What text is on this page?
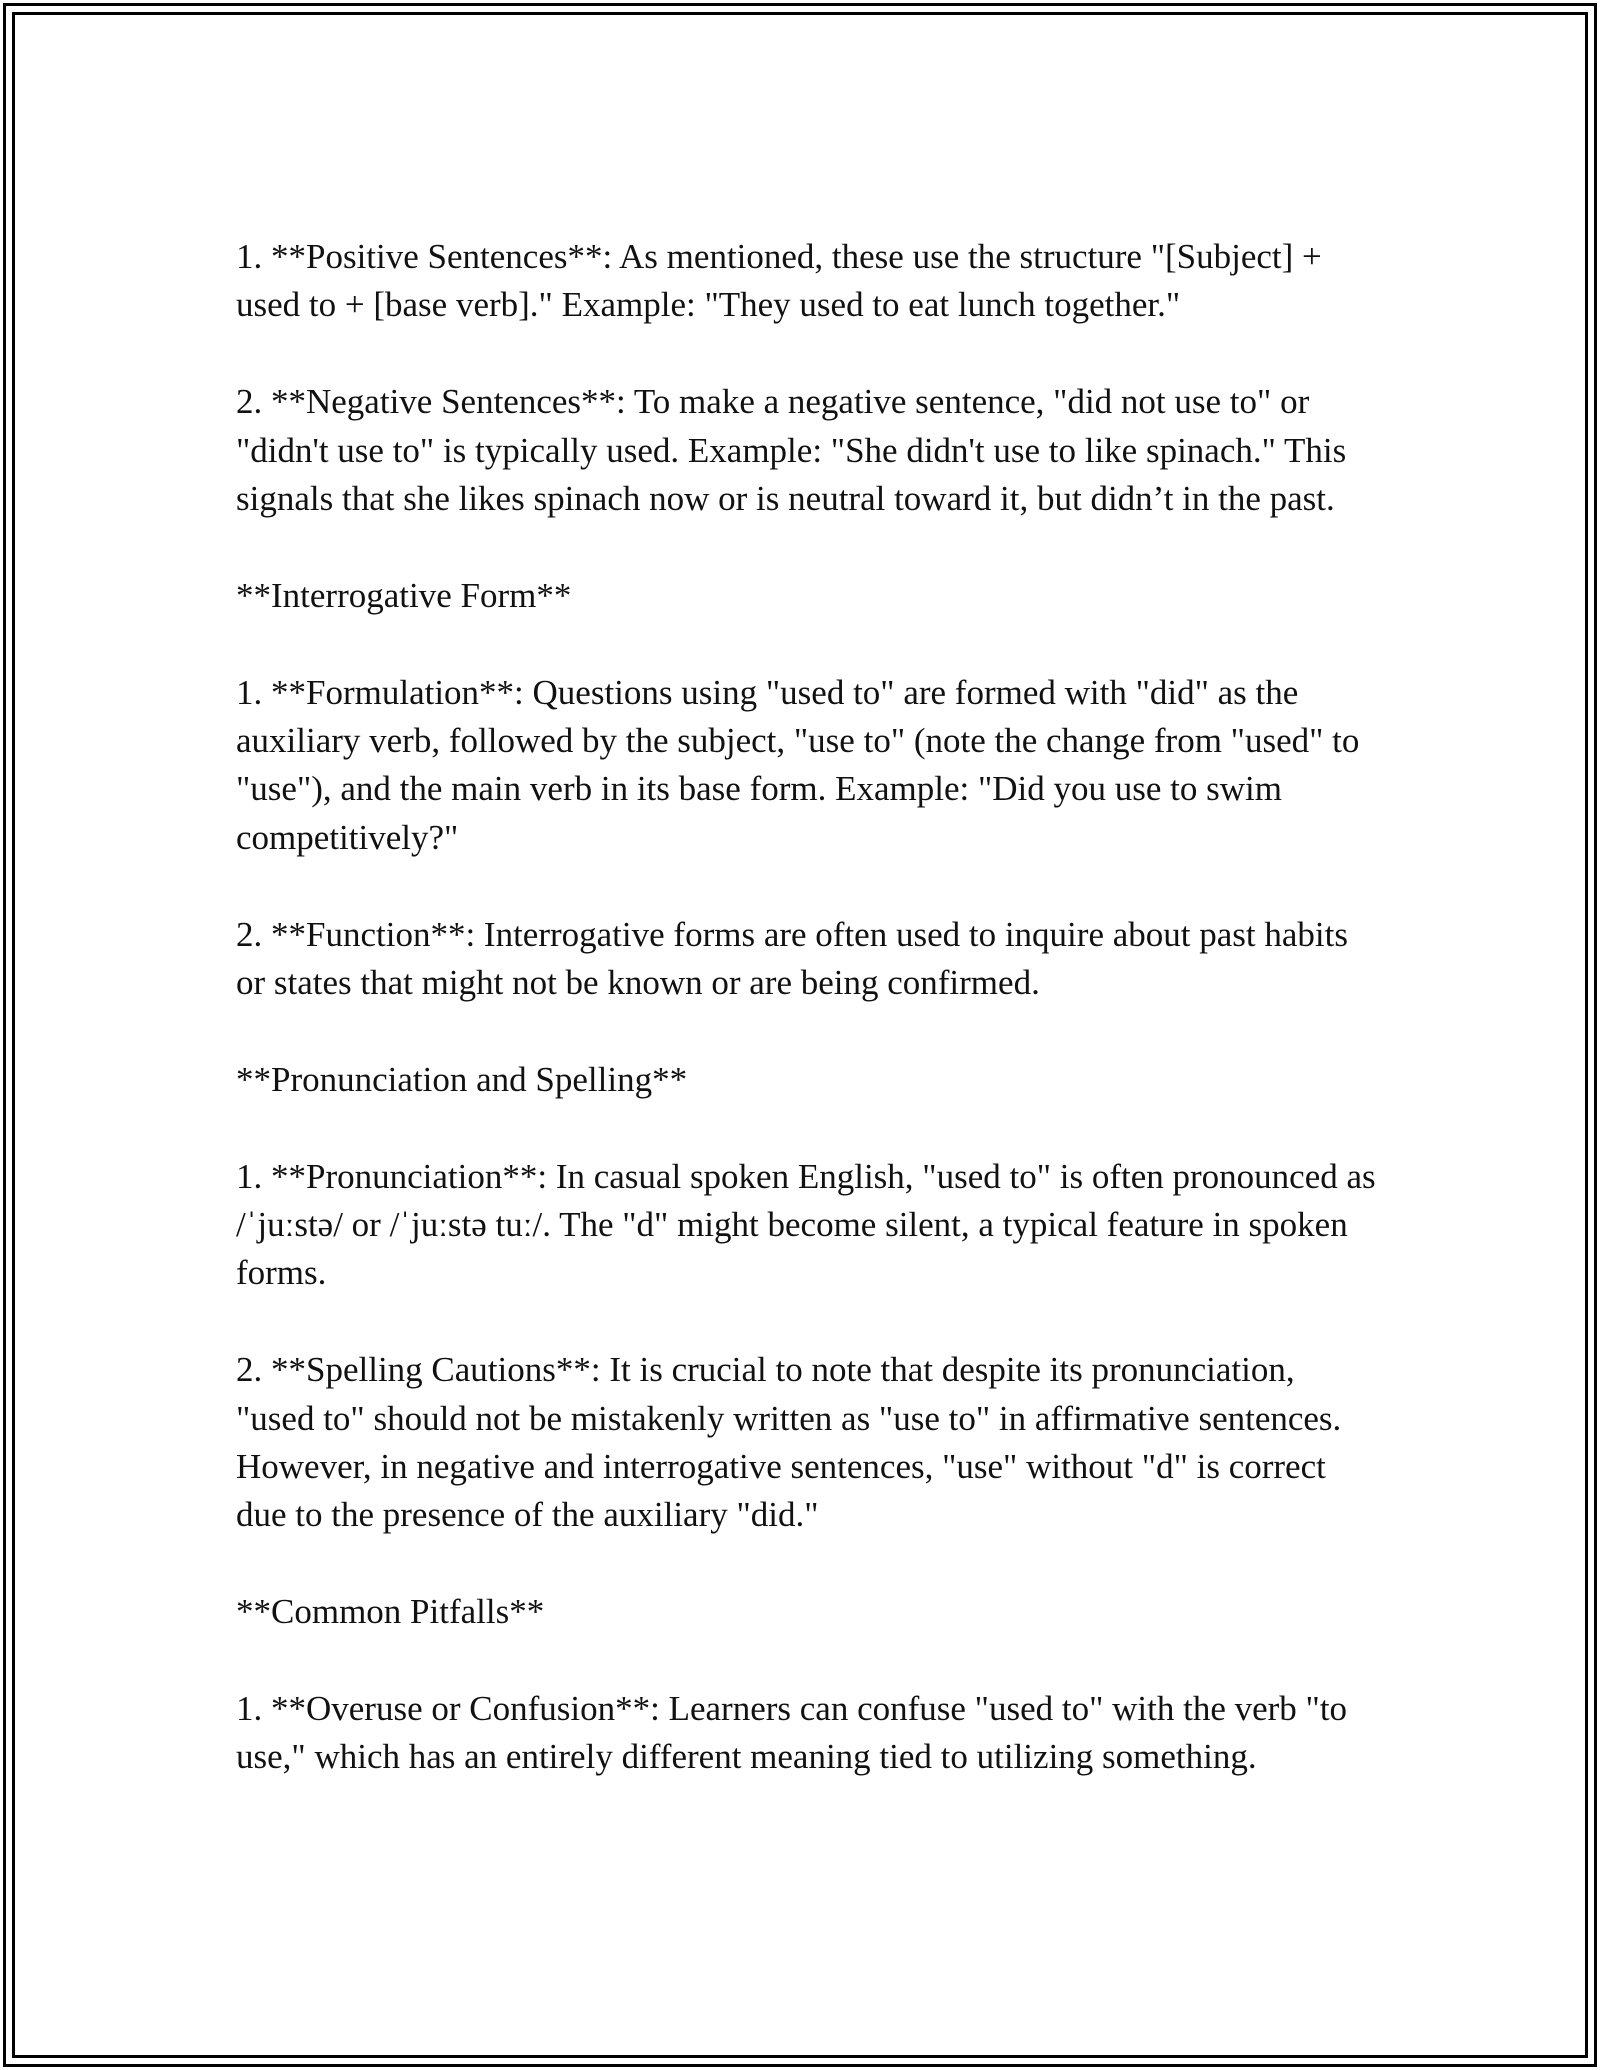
1. **Positive Sentences**: As mentioned, these use the structure "[Subject] + used to + [base verb]." Example: "They used to eat lunch together."

2. **Negative Sentences**: To make a negative sentence, "did not use to" or "didn't use to" is typically used. Example: "She didn't use to like spinach." This signals that she likes spinach now or is neutral toward it, but didn’t in the past.

**Interrogative Form**

1. **Formulation**: Questions using "used to" are formed with "did" as the auxiliary verb, followed by the subject, "use to" (note the change from "used" to "use"), and the main verb in its base form. Example: "Did you use to swim competitively?"

2. **Function**: Interrogative forms are often used to inquire about past habits or states that might not be known or are being confirmed.

**Pronunciation and Spelling**

1. **Pronunciation**: In casual spoken English, "used to" is often pronounced as /ˈjuːstə/ or /ˈjuːstə tuː/. The "d" might become silent, a typical feature in spoken forms.

2. **Spelling Cautions**: It is crucial to note that despite its pronunciation, "used to" should not be mistakenly written as "use to" in affirmative sentences. However, in negative and interrogative sentences, "use" without "d" is correct due to the presence of the auxiliary "did."

**Common Pitfalls**

1. **Overuse or Confusion**: Learners can confuse "used to" with the verb "to use," which has an entirely different meaning tied to utilizing something.
